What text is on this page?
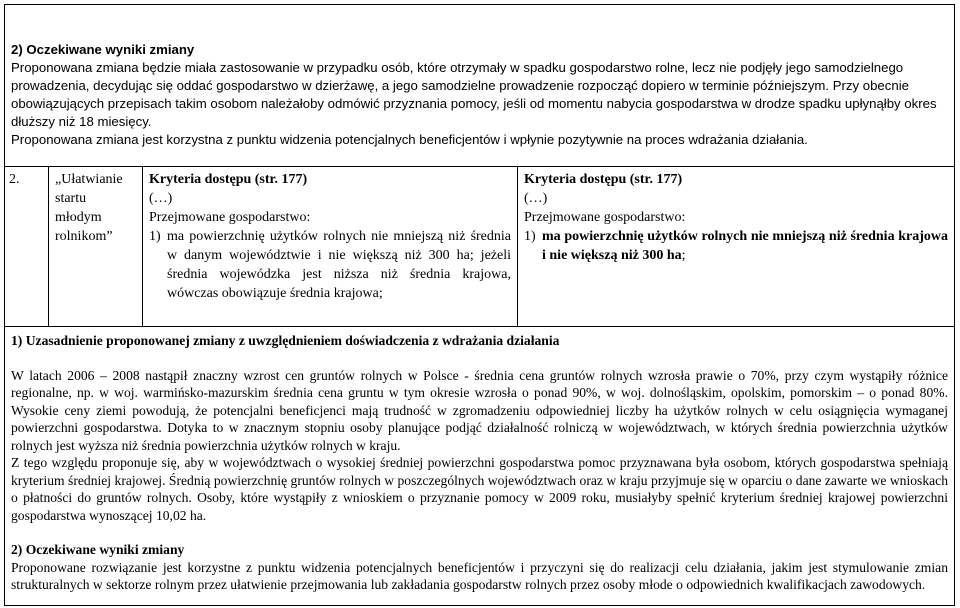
2) Oczekiwane wyniki zmiany

Proponowana zmiana będzie miała zastosowanie w przypadku osób, które otrzymały w spadku gospodarstwo rolne, lecz nie podjęły jego samodzielnego prowadzenia, decydując się oddać gospodarstwo w dzierżawę, a jego samodzielne prowadzenie rozpocząć dopiero w terminie późniejszym. Przy obecnie obowiązujących przepisach takim osobom należałoby odmówić przyznania pomocy, jeśli od momentu nabycia gospodarstwa w drodze spadku upłynąłby okres dłuższy niż 18 miesięcy.

Proponowana zmiana jest korzystna z punktu widzenia potencjalnych beneficjentów i wpłynie pozytywnie na proces wdrażania działania.

2.	„Ułatwianie startu młodym rolnikom”
Kryteria dostępu (str. 177)
(…)
Przejmowane gospodarstwo:
1) ma powierzchnię użytków rolnych nie mniejszą niż średnia w danym województwie i nie większą niż 300 ha; jeżeli średnia wojewódzka jest niższa niż średnia krajowa, wówczas obowiązuje średnia krajowa;
Kryteria dostępu (str. 177)
(…)
Przejmowane gospodarstwo:
1) ma powierzchnię użytków rolnych nie mniejszą niż średnia krajowa i nie większą niż 300 ha;

1) Uzasadnienie proponowanej zmiany z uwzględnieniem doświadczenia z wdrażania działania

W latach 2006 – 2008 nastąpił znaczny wzrost cen gruntów rolnych w Polsce - średnia cena gruntów rolnych wzrosła prawie o 70%, przy czym wystąpiły różnice regionalne, np. w woj. warmińsko-mazurskim średnia cena gruntu w tym okresie wzrosła o ponad 90%, w woj. dolnośląskim, opolskim, pomorskim – o ponad 80%. Wysokie ceny ziemi powodują, że potencjalni beneficjenci mają trudność w zgromadzeniu odpowiedniej liczby ha użytków rolnych w celu osiągnięcia wymaganej powierzchni gospodarstwa. Dotyka to w znacznym stopniu osoby planujące podjąć działalność rolniczą w województwach, w których średnia powierzchnia użytków rolnych jest wyższa niż średnia powierzchnia użytków rolnych w kraju.

Z tego względu proponuje się, aby w województwach o wysokiej średniej powierzchni gospodarstwa pomoc przyznawana była osobom, których gospodarstwa spełniają kryterium średniej krajowej. Średnią powierzchnię gruntów rolnych w poszczególnych województwach oraz w kraju przyjmuje się w oparciu o dane zawarte we wnioskach o płatności do gruntów rolnych. Osoby, które wystąpiły z wnioskiem o przyznanie pomocy w 2009 roku, musiałyby spełnić kryterium średniej krajowej powierzchni gospodarstwa wynoszącej 10,02 ha.

2) Oczekiwane wyniki zmiany

Proponowane rozwiązanie jest korzystne z punktu widzenia potencjalnych beneficjentów i przyczyni się do realizacji celu działania, jakim jest stymulowanie zmian strukturalnych w sektorze rolnym przez ułatwienie przejmowania lub zakładania gospodarstw rolnych przez osoby młode o odpowiednich kwalifikacjach zawodowych.
